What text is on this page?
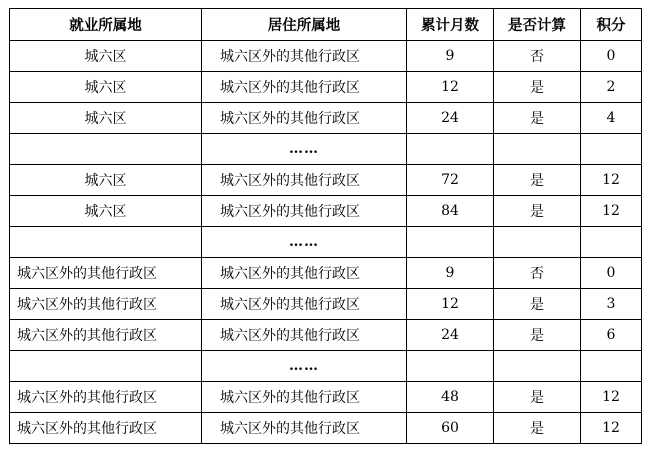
就业所属地	居住所属地	累计月数	是否计算	积分
城六区	城六区外的其他行政区	9	否	0
城六区	城六区外的其他行政区	12	是	2
城六区	城六区外的其他行政区	24	是	4
	……			
城六区	城六区外的其他行政区	72	是	12
城六区	城六区外的其他行政区	84	是	12
	……			
城六区外的其他行政区	城六区外的其他行政区	9	否	0
城六区外的其他行政区	城六区外的其他行政区	12	是	3
城六区外的其他行政区	城六区外的其他行政区	24	是	6
	……			
城六区外的其他行政区	城六区外的其他行政区	48	是	12
城六区外的其他行政区	城六区外的其他行政区	60	是	12
